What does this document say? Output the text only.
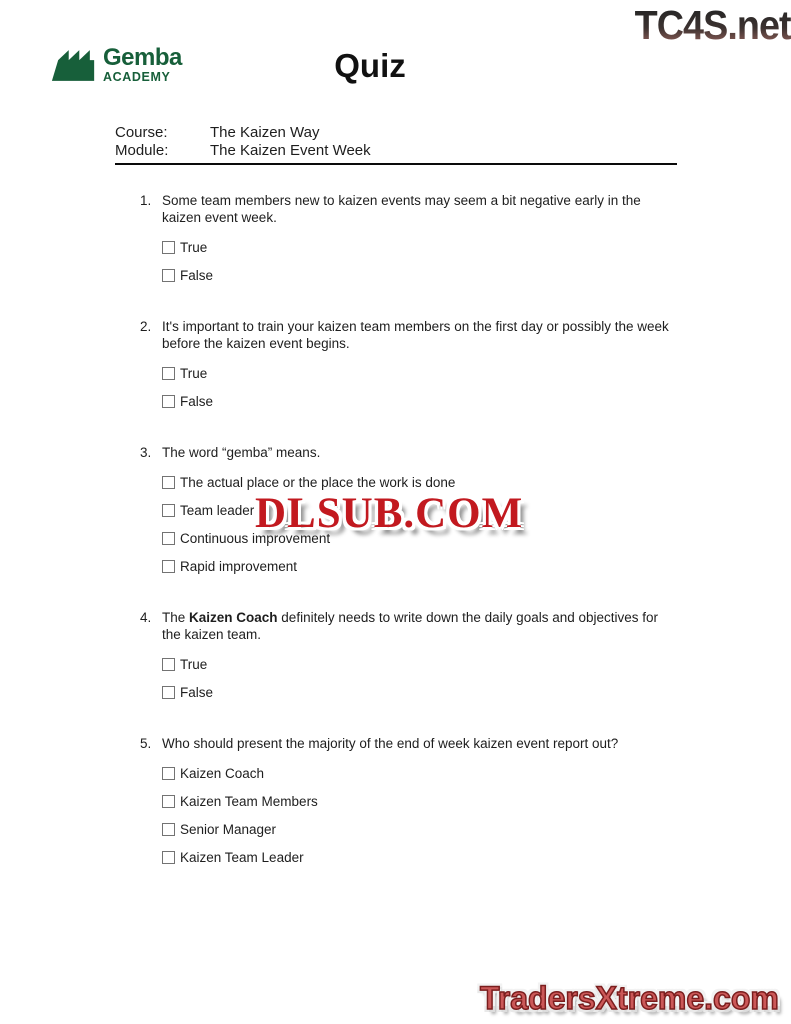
TC4S.net
Gemba
ACADEMY	Quiz
Course:	The Kaizen Way
Module:	The Kaizen Event Week
1. Some team members new to kaizen events may seem a bit negative early in the kaizen event week.
True
False
2. It's important to train your kaizen team members on the first day or possibly the week before the kaizen event begins.
True
False
3. The word “gemba” means.
The actual place or the place the work is done
Team leader
Continuous improvement
Rapid improvement
4. The Kaizen Coach definitely needs to write down the daily goals and objectives for the kaizen team.
True
False
5. Who should present the majority of the end of week kaizen event report out?
Kaizen Coach
Kaizen Team Members
Senior Manager
Kaizen Team Leader
DLSUB.COM
TradersXtreme.com
